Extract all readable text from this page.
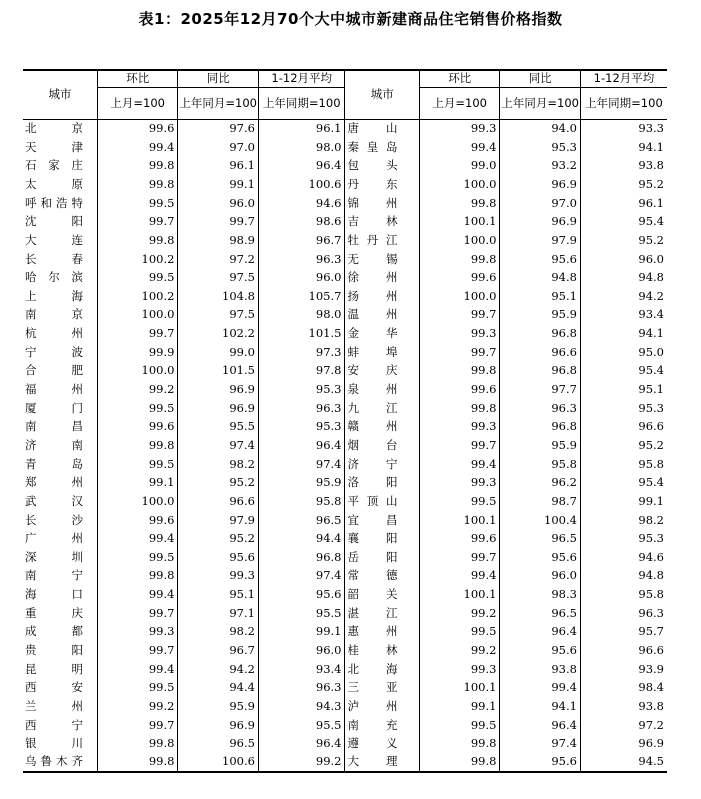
表1：2025年12月70个大中城市新建商品住宅销售价格指数
城市	环比	同比	1-12月平均	城市	环比	同比	1-12月平均
	上月=100	上年同月=100	上年同期=100		上月=100	上年同月=100	上年同期=100

北　京	99.6	97.6	96.1	唐　山	99.3	94.0	93.3

天　津	99.4	97.0	98.0	秦皇岛	99.4	95.3	94.1

石家庄	99.8	96.1	96.4	包　头	99.0	93.2	93.8

太　原	99.8	99.1	100.6	丹　东	100.0	96.9	95.2

呼和浩特	99.5	96.0	94.6	锦　州	99.8	97.0	96.1

沈　阳	99.7	99.7	98.6	吉　林	100.1	96.9	95.4

大　连	99.8	98.9	96.7	牡丹江	100.0	97.9	95.2

长　春	100.2	97.2	96.3	无　锡	99.8	95.6	96.0

哈尔滨	99.5	97.5	96.0	徐　州	99.6	94.8	94.8

上　海	100.2	104.8	105.7	扬　州	100.0	95.1	94.2

南　京	100.0	97.5	98.0	温　州	99.7	95.9	93.4

杭　州	99.7	102.2	101.5	金　华	99.3	96.8	94.1

宁　波	99.9	99.0	97.3	蚌　埠	99.7	96.6	95.0

合　肥	100.0	101.5	97.8	安　庆	99.8	96.8	95.4

福　州	99.2	96.9	95.3	泉　州	99.6	97.7	95.1

厦　门	99.5	96.9	96.3	九　江	99.8	96.3	95.3

南　昌	99.6	95.5	95.3	赣　州	99.3	96.8	96.6

济　南	99.8	97.4	96.4	烟　台	99.7	95.9	95.2

青　岛	99.5	98.2	97.4	济　宁	99.4	95.8	95.8

郑　州	99.1	95.2	95.9	洛　阳	99.3	96.2	95.4

武　汉	100.0	96.6	95.8	平顶山	99.5	98.7	99.1

长　沙	99.6	97.9	96.5	宜　昌	100.1	100.4	98.2

广　州	99.4	95.2	94.4	襄　阳	99.6	96.5	95.3

深　圳	99.5	95.6	96.8	岳　阳	99.7	95.6	94.6

南　宁	99.8	99.3	97.4	常　德	99.4	96.0	94.8

海　口	99.4	95.1	95.6	韶　关	100.1	98.3	95.8

重　庆	99.7	97.1	95.5	湛　江	99.2	96.5	96.3

成　都	99.3	98.2	99.1	惠　州	99.5	96.4	95.7

贵　阳	99.7	96.7	96.0	桂　林	99.2	95.6	96.6

昆　明	99.4	94.2	93.4	北　海	99.3	93.8	93.9

西　安	99.5	94.4	96.3	三　亚	100.1	99.4	98.4

兰　州	99.2	95.9	94.3	泸　州	99.1	94.1	93.8

西　宁	99.7	96.9	95.5	南　充	99.5	96.4	97.2

银　川	99.8	96.5	96.4	遵　义	99.8	97.4	96.9

乌鲁木齐	99.8	100.6	99.2	大　理	99.8	95.6	94.5
